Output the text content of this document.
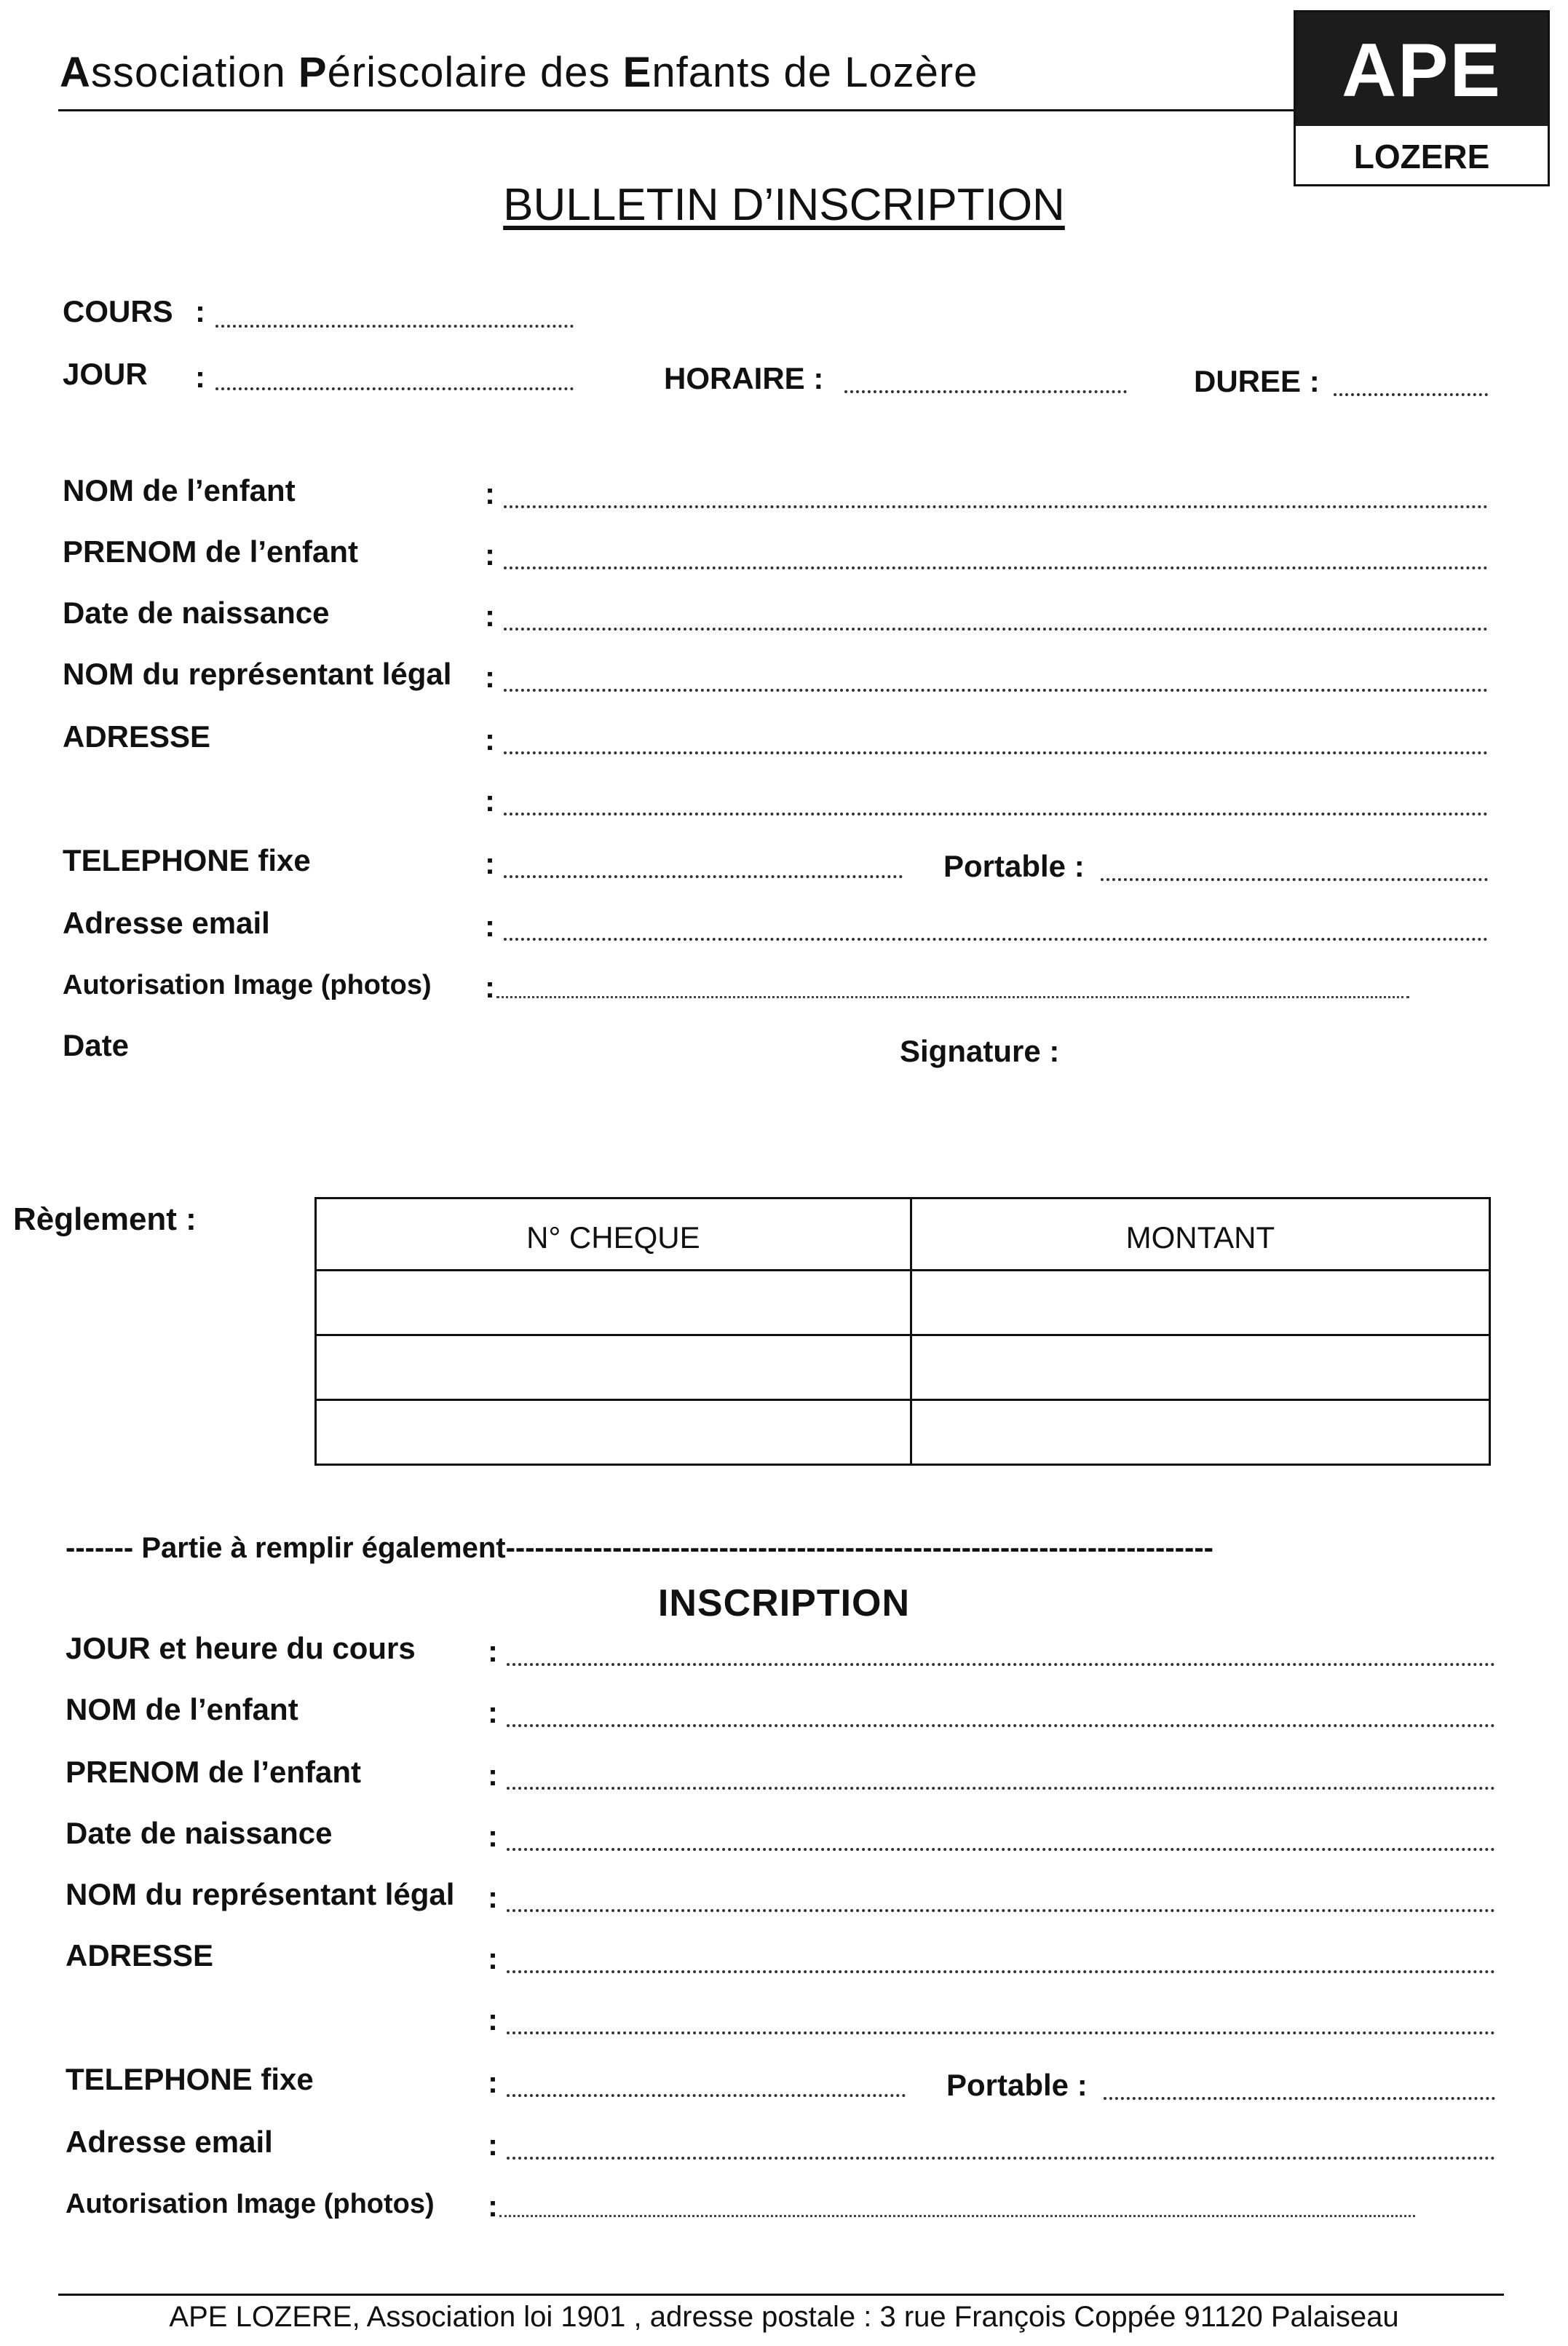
Association Périscolaire des Enfants de Lozère	APE
LOZERE
BULLETIN D’INSCRIPTION
COURS :
JOUR :	HORAIRE :	DUREE :
NOM de l’enfant	:
PRENOM de l’enfant	:
Date de naissance	:
NOM du représentant légal :
ADRESSE	:
:
TELEPHONE fixe	:	Portable :
Adresse email	:
Autorisation Image (photos) :
Date	Signature :
Règlement :
N° CHEQUE	MONTANT

------- Partie à remplir également-------------------------------------------------------------------------
INSCRIPTION
JOUR et heure du cours :
NOM de l’enfant	:
PRENOM de l’enfant	:
Date de naissance	:
NOM du représentant légal :
ADRESSE	:
:
TELEPHONE fixe	:	Portable :
Adresse email	:
Autorisation Image (photos) :
APE LOZERE, Association loi 1901 , adresse postale : 3 rue François Coppée 91120 Palaiseau
